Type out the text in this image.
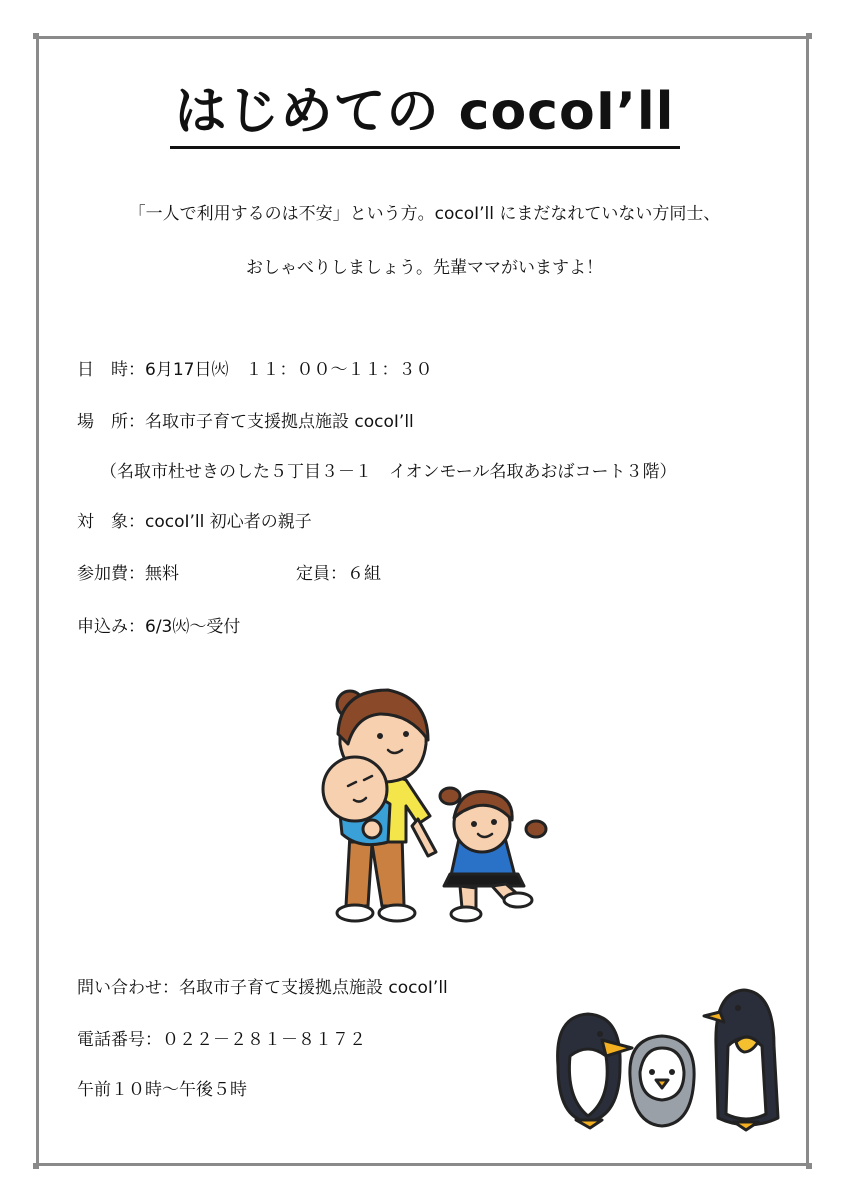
はじめての cocoI’ll
「一人で利用するのは不安」という方。cocoI’ll にまだなれていない方同士、
おしゃべりしましょう。先輩ママがいますよ！
日　時：6月17日㈫　１１：００～１１：３０
場　所：名取市子育て支援拠点施設 cocoI’ll
（名取市杜せきのした５丁目３－１　イオンモール名取あおばコート３階）
対　象：cocoI’ll 初心者の親子
参加費：無料	定員：６組
申込み：6/3㈫～受付
問い合わせ：名取市子育て支援拠点施設 cocoI’ll
電話番号：０２２－２８１－８１７２
午前１０時～午後５時
